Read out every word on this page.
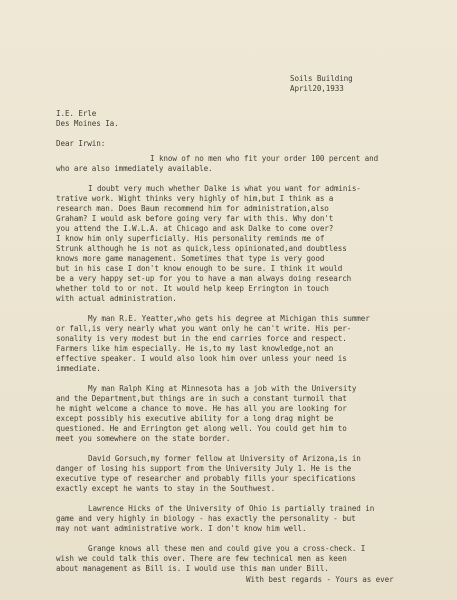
Soils Building
April20,1933
I.E. Erle
Des Moines Ia.
Dear Irwin:
I know of no men who fit your order 100 percent and
who are also immediately available.
I doubt very much whether Dalke is what you want for adminis-
trative work. Wight thinks very highly of him,but I think as a
research man. Does Baum recommend him for administration,also
Graham? I would ask before going very far with this. Why don't
you attend the I.W.L.A. at Chicago and ask Dalke to come over?
I know him only superficially. His personality reminds me of
Strunk although he is not as quick,less opinionated,and doubtless
knows more game management. Sometimes that type is very good
but in his case I don't know enough to be sure. I think it would
be a very happy set-up for you to have a man always doing research
whether told to or not. It would help keep Errington in touch
with actual administration.
My man R.E. Yeatter,who gets his degree at Michigan this summer
or fall,is very nearly what you want only he can't write. His per-
sonality is very modest but in the end carries force and respect.
Farmers like him especially. He is,to my last knowledge,not an
effective speaker. I would also look him over unless your need is
immediate.
My man Ralph King at Minnesota has a job with the University
and the Department,but things are in such a constant turmoil that
he might welcome a chance to move. He has all you are looking for
except possibly his executive ability for a long drag might be
questioned. He and Errington get along well. You could get him to
meet you somewhere on the state border.
David Gorsuch,my former fellow at University of Arizona,is in
danger of losing his support from the University July 1. He is the
executive type of researcher and probably fills your specifications
exactly except he wants to stay in the Southwest.
Lawrence Hicks of the University of Ohio is partially trained in
game and very highly in biology - has exactly the personality - but
may not want administrative work. I don't know him well.
Grange knows all these men and could give you a cross-check. I
wish we could talk this over. There are few technical men as keen
about management as Bill is. I would use this man under Bill.
With best regards - Yours as ever
